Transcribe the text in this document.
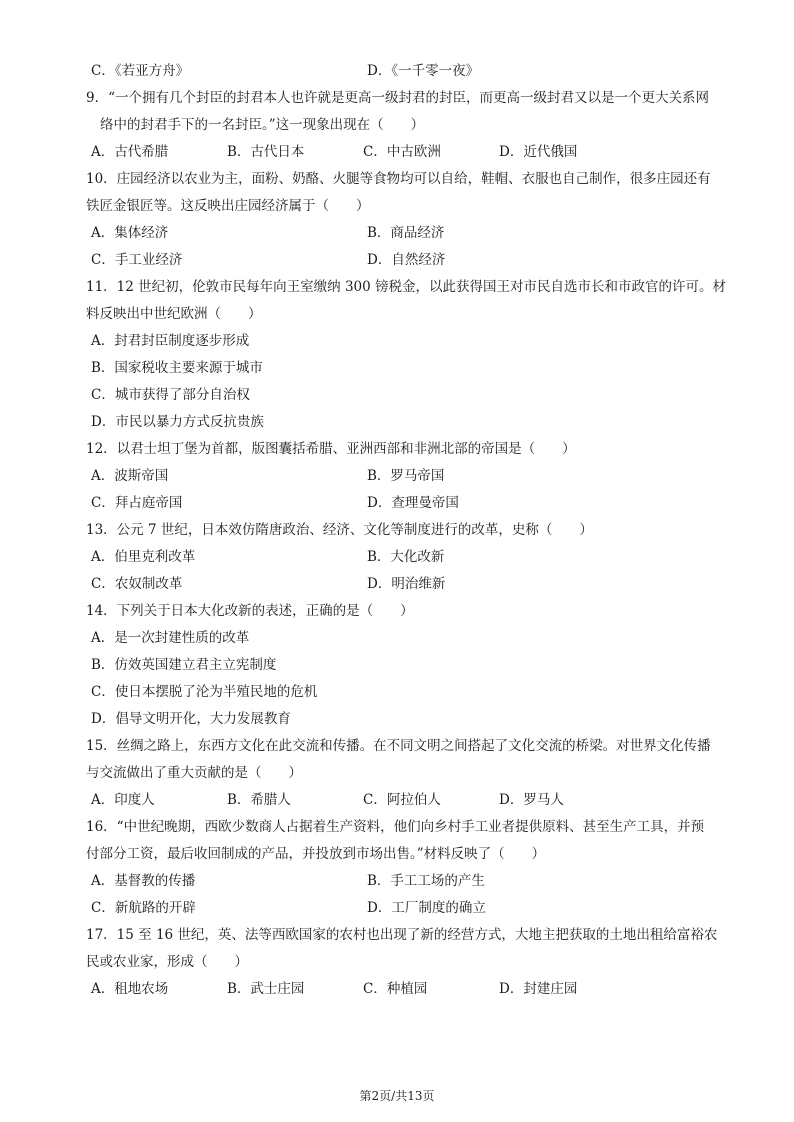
C．《若亚方舟》	D．《一千零一夜》
9．“一个拥有几个封臣的封君本人也许就是更高一级封君的封臣，而更高一级封君又以是一个更大关系网
络中的封君手下的一名封臣。”这一现象出现在（　　）
A．古代希腊	B．古代日本	C．中古欧洲	D．近代俄国
10．庄园经济以农业为主，面粉、奶酪、火腿等食物均可以自给，鞋帽、衣服也自己制作，很多庄园还有
铁匠金银匠等。这反映出庄园经济属于（　　）
A．集体经济	B．商品经济
C．手工业经济	D．自然经济
11．12 世纪初，伦敦市民每年向王室缴纳 300 镑税金，以此获得国王对市民自选市长和市政官的许可。材
料反映出中世纪欧洲（　　）
A．封君封臣制度逐步形成
B．国家税收主要来源于城市
C．城市获得了部分自治权
D．市民以暴力方式反抗贵族
12．以君士坦丁堡为首都，版图囊括希腊、亚洲西部和非洲北部的帝国是（　　）
A．波斯帝国	B．罗马帝国
C．拜占庭帝国	D．查理曼帝国
13．公元 7 世纪，日本效仿隋唐政治、经济、文化等制度进行的改革，史称（　　）
A．伯里克利改革	B．大化改新
C．农奴制改革	D．明治维新
14．下列关于日本大化改新的表述，正确的是（　　）
A．是一次封建性质的改革
B．仿效英国建立君主立宪制度
C．使日本摆脱了沦为半殖民地的危机
D．倡导文明开化，大力发展教育
15．丝绸之路上，东西方文化在此交流和传播。在不同文明之间搭起了文化交流的桥梁。对世界文化传播
与交流做出了重大贡献的是（　　）
A．印度人	B．希腊人	C．阿拉伯人	D．罗马人
16．“中世纪晚期，西欧少数商人占据着生产资料，他们向乡村手工业者提供原料、甚至生产工具，并预
付部分工资，最后收回制成的产品，并投放到市场出售。”材料反映了（　　）
A．基督教的传播	B．手工工场的产生
C．新航路的开辟	D．工厂制度的确立
17．15 至 16 世纪，英、法等西欧国家的农村也出现了新的经营方式，大地主把获取的土地出租给富裕农
民或农业家，形成（　　）
A．租地农场	B．武士庄园	C．种植园	D．封建庄园
第2页/共13页
